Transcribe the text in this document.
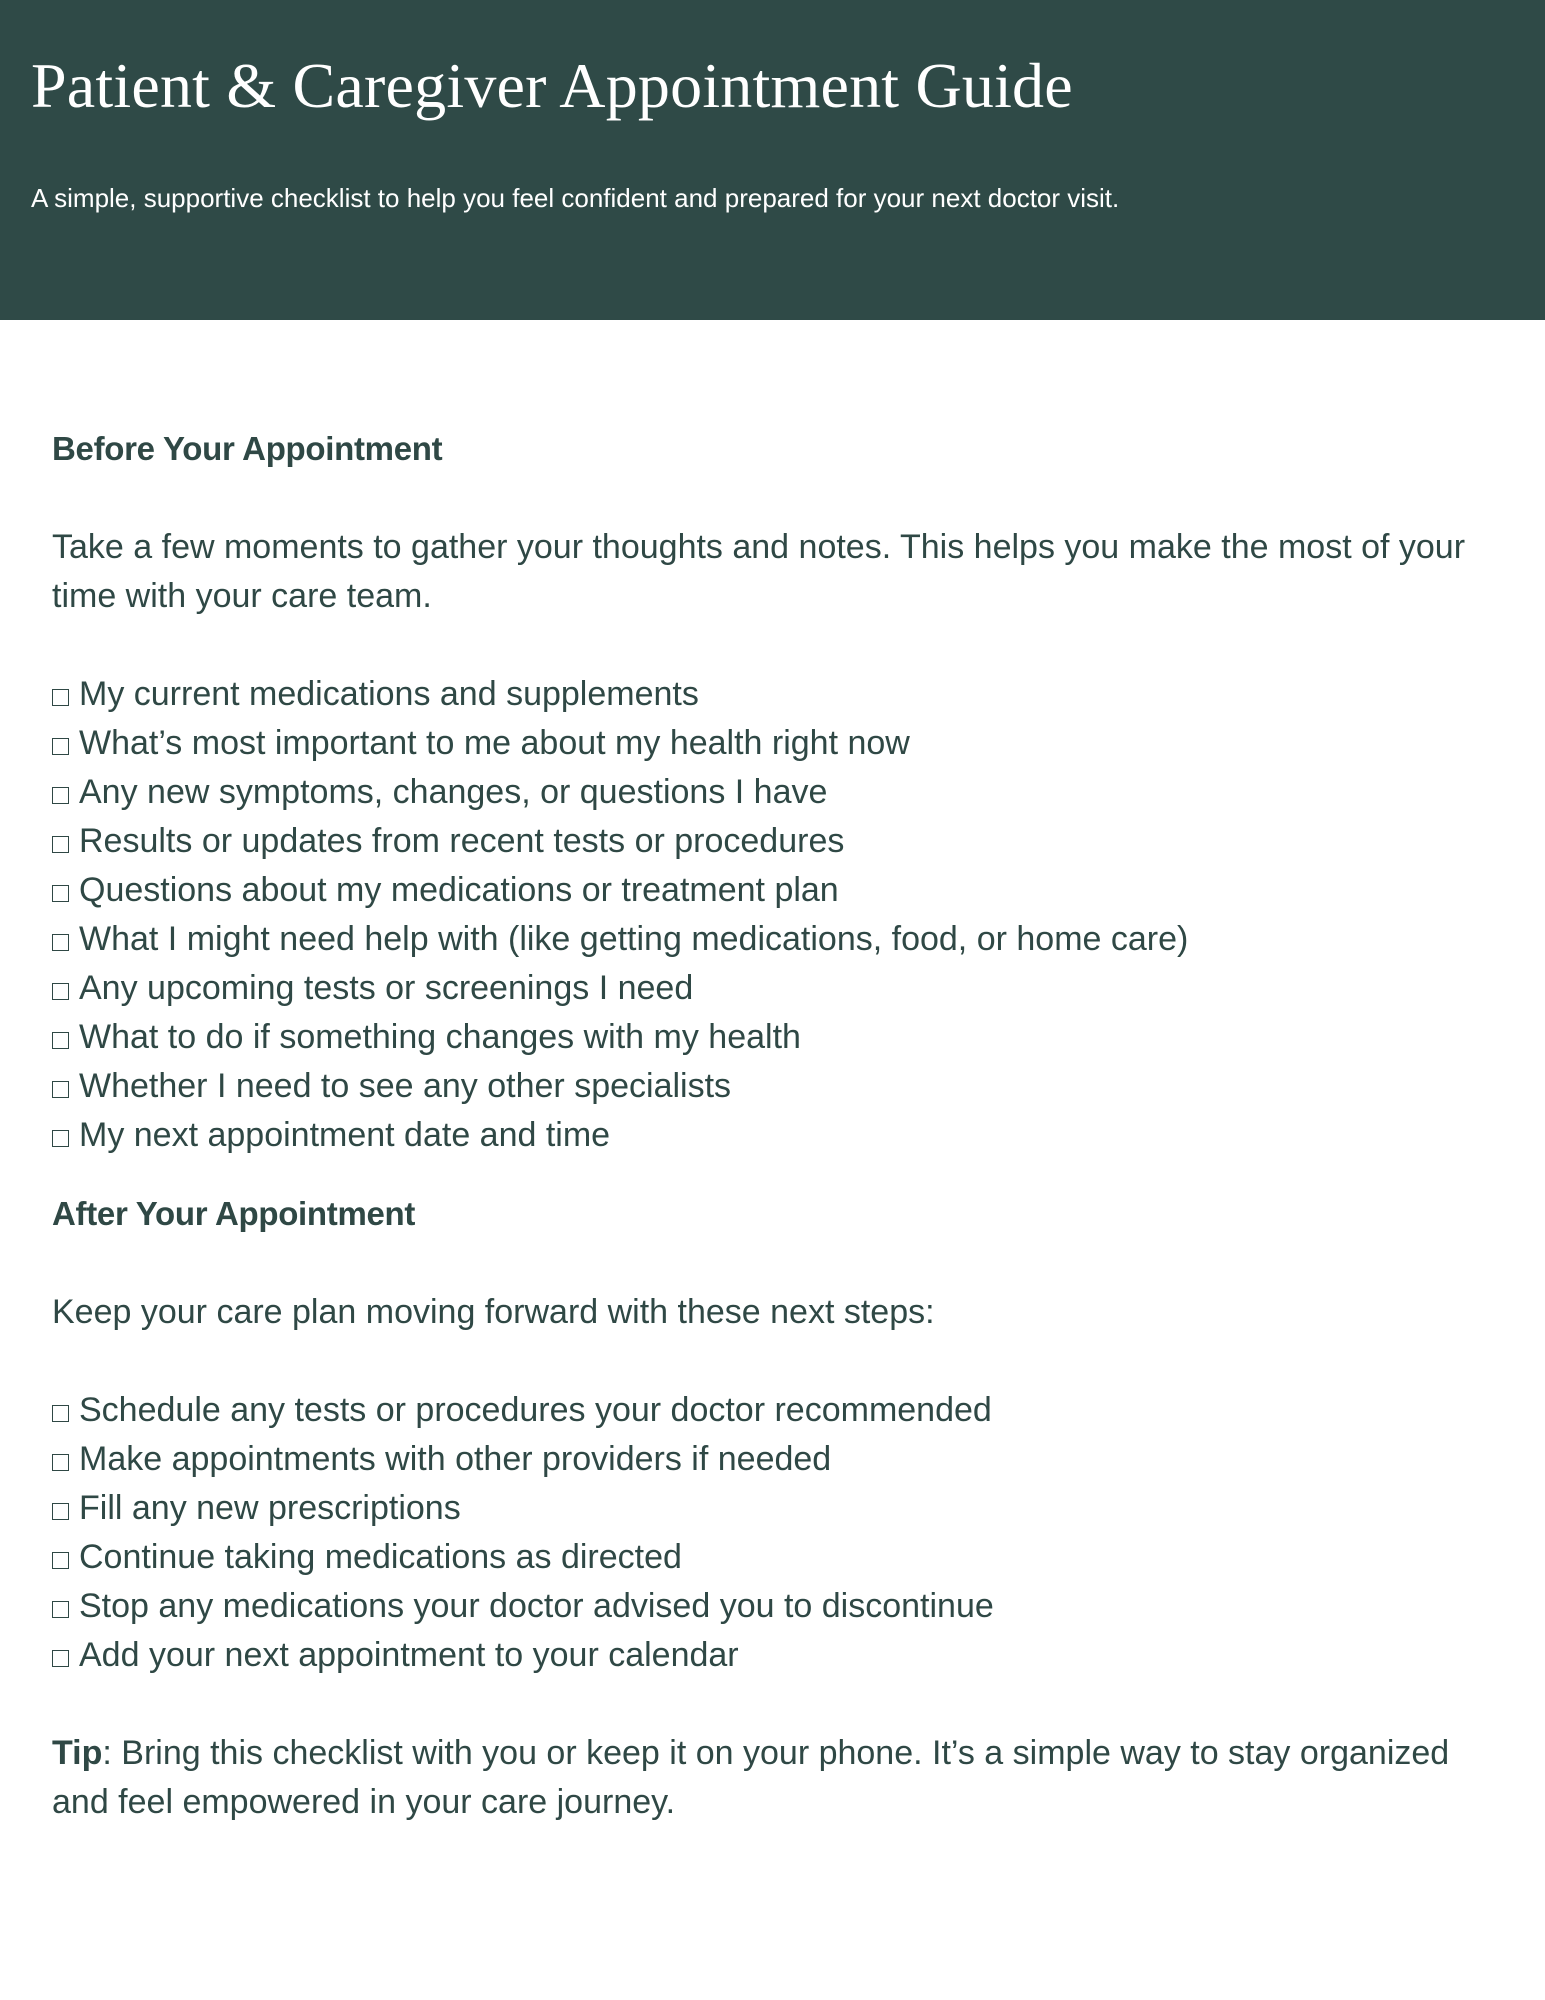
Patient & Caregiver Appointment Guide

A simple, supportive checklist to help you feel confident and prepared for your next doctor visit.

Before Your Appointment

Take a few moments to gather your thoughts and notes. This helps you make the most of your time with your care team.

My current medications and supplements
What’s most important to me about my health right now
Any new symptoms, changes, or questions I have
Results or updates from recent tests or procedures
Questions about my medications or treatment plan
What I might need help with (like getting medications, food, or home care)
Any upcoming tests or screenings I need
What to do if something changes with my health
Whether I need to see any other specialists
My next appointment date and time
After Your Appointment

Keep your care plan moving forward with these next steps:

Schedule any tests or procedures your doctor recommended
Make appointments with other providers if needed
Fill any new prescriptions
Continue taking medications as directed
Stop any medications your doctor advised you to discontinue
Add your next appointment to your calendar

Tip: Bring this checklist with you or keep it on your phone. It’s a simple way to stay organized and feel empowered in your care journey.
